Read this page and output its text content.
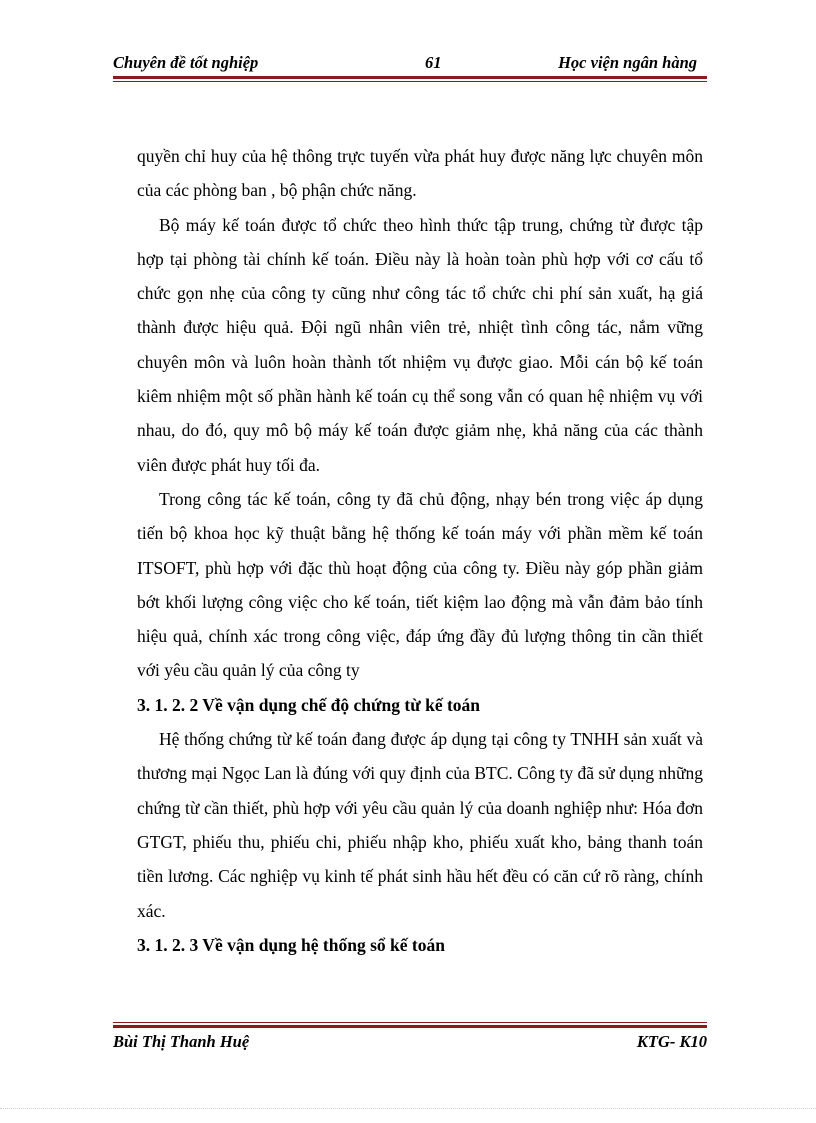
Chuyên đề tốt nghiệp	61	Học viện ngân hàng

quyền chỉ huy của hệ thông trực tuyến vừa phát huy được năng lực chuyên môn của các phòng ban , bộ phận chức năng.

Bộ máy kế toán được tổ chức theo hình thức tập trung, chứng từ được tập hợp tại phòng tài chính kế toán. Điều này là hoàn toàn phù hợp với cơ cấu tổ chức gọn nhẹ của công ty cũng như công tác tổ chức chi phí sản xuất, hạ giá thành được hiệu quả. Đội ngũ nhân viên trẻ, nhiệt tình công tác, nắm vững chuyên môn và luôn hoàn thành tốt nhiệm vụ được giao. Mỗi cán bộ kế toán kiêm nhiệm một số phần hành kế toán cụ thể song vẫn có quan hệ nhiệm vụ với nhau, do đó, quy mô bộ máy kế toán được giảm nhẹ, khả năng của các thành viên được phát huy tối đa.

Trong công tác kế toán, công ty đã chủ động, nhạy bén trong việc áp dụng tiến bộ khoa học kỹ thuật bằng hệ thống kế toán máy với phần mềm kế toán ITSOFT, phù hợp với đặc thù hoạt động của công ty. Điều này góp phần giảm bớt khối lượng công việc cho kế toán, tiết kiệm lao động mà vẫn đảm bảo tính hiệu quả, chính xác trong công việc, đáp ứng đầy đủ lượng thông tin cần thiết với yêu cầu quản lý của công ty

3. 1. 2. 2 Về vận dụng chế độ chứng từ kế toán

Hệ thống chứng từ kế toán đang được áp dụng tại công ty TNHH sản xuất và thương mại Ngọc Lan là đúng với quy định của BTC. Công ty đã sử dụng những chứng từ cần thiết, phù hợp với yêu cầu quản lý của doanh nghiệp như: Hóa đơn GTGT, phiếu thu, phiếu chi, phiếu nhập kho, phiếu xuất kho, bảng thanh toán tiền lương. Các nghiệp vụ kinh tế phát sinh hầu hết đều có căn cứ rõ ràng, chính xác.

3. 1. 2. 3 Về vận dụng hệ thống sổ kế toán
Bùi Thị Thanh Huệ	KTG- K10
